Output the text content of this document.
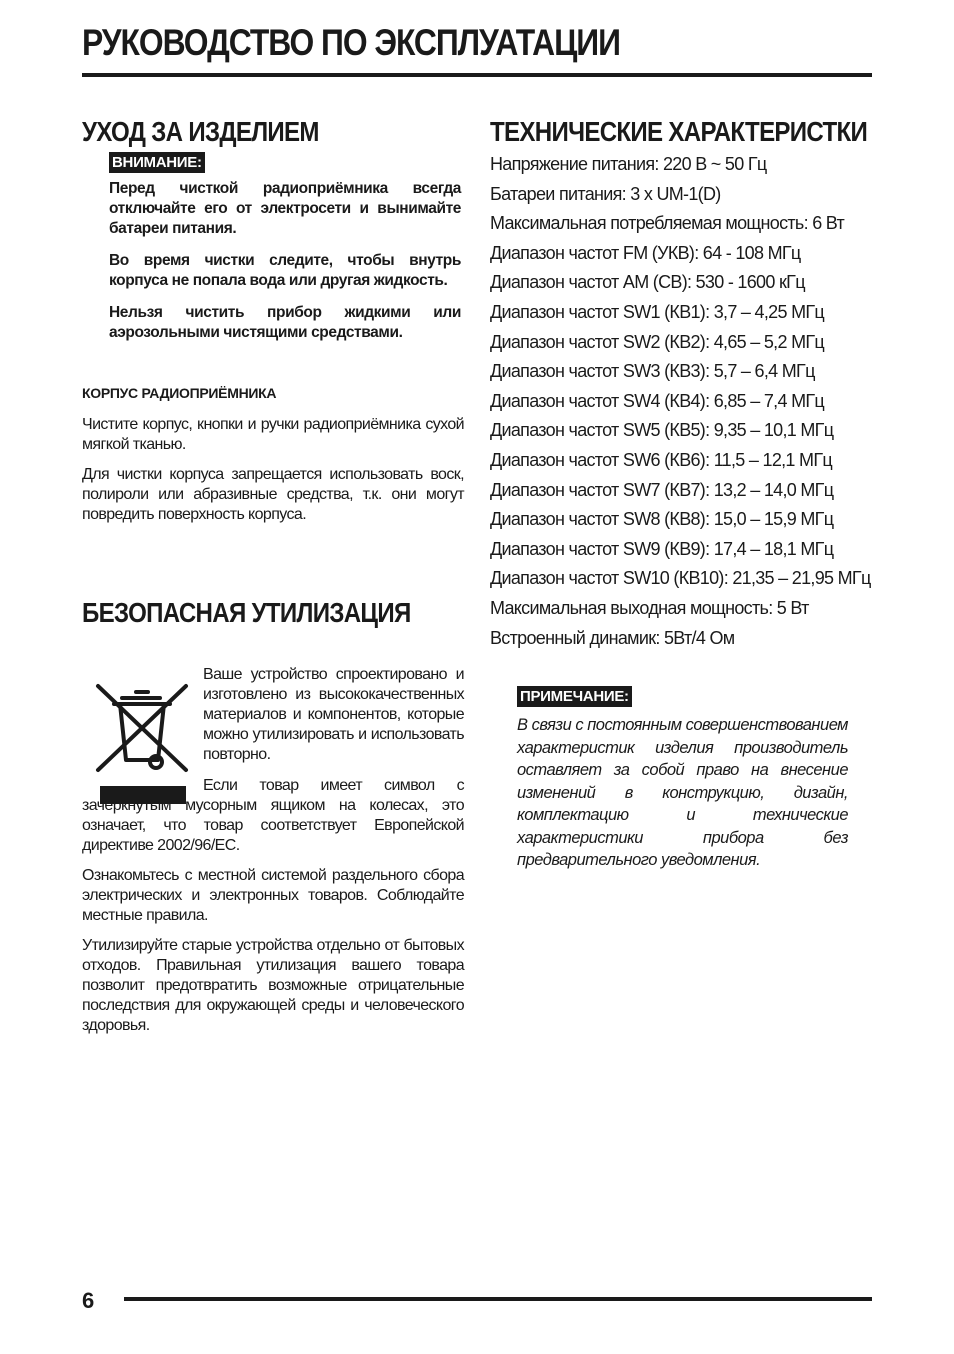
РУКОВОДСТВО ПО ЭКСПЛУАТАЦИИ
УХОД ЗА ИЗДЕЛИЕМ
ВНИМАНИЕ:

Перед чисткой радиоприёмника всегда отключайте его от электросети и вынимайте батареи питания.

Во время чистки следите, чтобы внутрь корпуса не попала вода или другая жидкость.

Нельзя чистить прибор жидкими или аэрозольными чистящими средствами.

КОРПУС РАДИОПРИЁМНИКА

Чистите корпус, кнопки и ручки радиоприёмника сухой мягкой тканью.

Для чистки корпуса запрещается использовать воск, полироли или абразивные средства, т.к. они могут повредить поверхность корпуса.

БЕЗОПАСНАЯ УТИЛИЗАЦИЯ

Ваше устройство спроектировано и изготовлено из высококачественных материалов и компонентов, которые можно утилизировать и использовать повторно.

Если товар имеет символ с зачеркнутым мусорным ящиком на колесах, это означает, что товар соответствует Европейской директиве 2002/96/EC.

Ознакомьтесь с местной системой раздельного сбора электрических и электронных товаров. Соблюдайте местные правила.

Утилизируйте старые устройства отдельно от бытовых отходов. Правильная утилизация вашего товара позволит предотвратить возможные отрицательные последствия для окружающей среды и человеческого здоровья.

ТЕХНИЧЕСКИЕ ХАРАКТЕРИСТКИ
Напряжение питания: 220 В ~ 50 Гц
Батареи питания: 3 х UM-1(D)
Максимальная потребляемая мощность: 6 Вт
Диапазон частот FM (УКВ): 64 - 108 МГц
Диапазон частот AM (СВ): 530 - 1600 кГц
Диапазон частот SW1 (КВ1): 3,7 – 4,25 МГц
Диапазон частот SW2 (КВ2): 4,65 – 5,2 МГц
Диапазон частот SW3 (КВ3): 5,7 – 6,4 МГц
Диапазон частот SW4 (КВ4): 6,85 – 7,4 МГц
Диапазон частот SW5 (КВ5): 9,35 – 10,1 МГц
Диапазон частот SW6 (КВ6): 11,5 – 12,1 МГц
Диапазон частот SW7 (КВ7): 13,2 – 14,0 МГц
Диапазон частот SW8 (КВ8): 15,0 – 15,9 МГц
Диапазон частот SW9 (КВ9): 17,4 – 18,1 МГц
Диапазон частот SW10 (КВ10): 21,35 – 21,95 МГц
Максимальная выходная мощность: 5 Вт
Встроенный динамик: 5Вт/4 Ом
ПРИМЕЧАНИЕ:

В связи с постоянным совершенствованием характеристик изделия производитель оставляет за собой право на внесение изменений в конструкцию, дизайн, комплектацию и технические характеристики прибора без предварительного уведомления.

6
